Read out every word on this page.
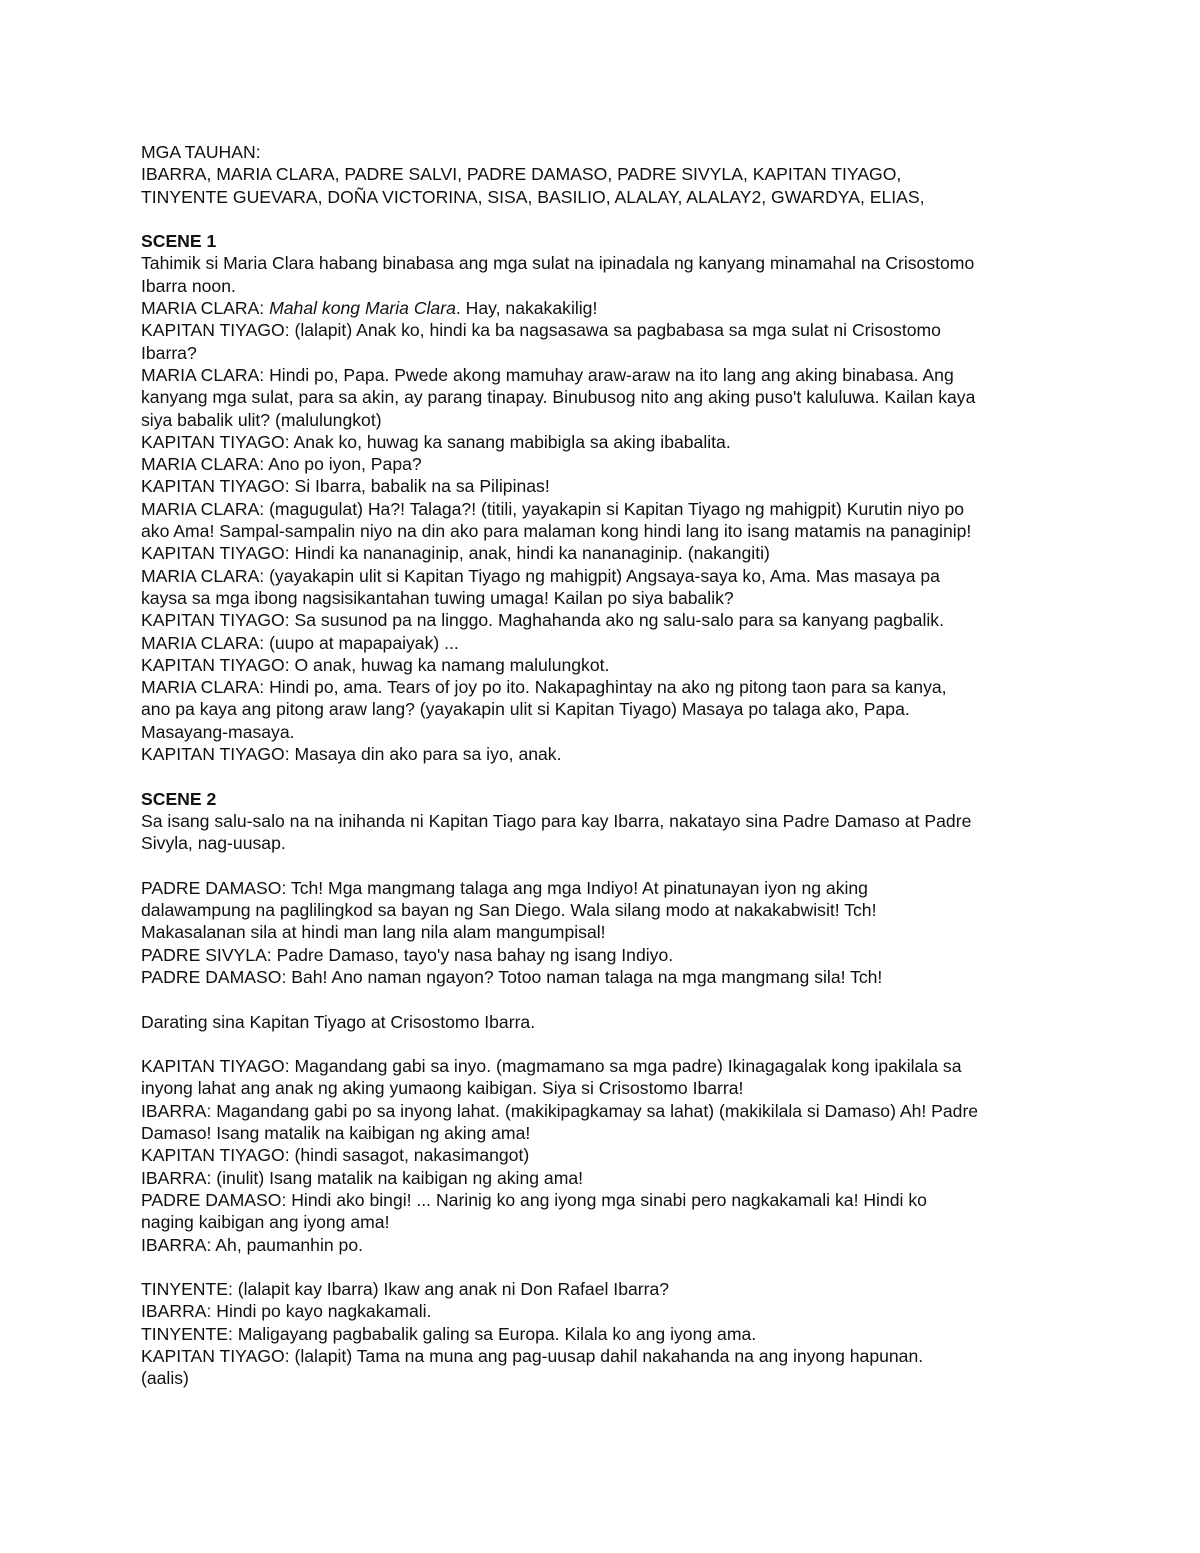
MGA TAUHAN:
IBARRA, MARIA CLARA, PADRE SALVI, PADRE DAMASO, PADRE SIVYLA, KAPITAN TIYAGO,
TINYENTE GUEVARA, DOÑA VICTORINA, SISA, BASILIO, ALALAY, ALALAY2, GWARDYA, ELIAS,
SCENE 1
Tahimik si Maria Clara habang binabasa ang mga sulat na ipinadala ng kanyang minamahal na Crisostomo
Ibarra noon.
MARIA CLARA: Mahal kong Maria Clara. Hay, nakakakilig!
KAPITAN TIYAGO: (lalapit) Anak ko, hindi ka ba nagsasawa sa pagbabasa sa mga sulat ni Crisostomo
Ibarra?
MARIA CLARA: Hindi po, Papa. Pwede akong mamuhay araw-araw na ito lang ang aking binabasa. Ang
kanyang mga sulat, para sa akin, ay parang tinapay. Binubusog nito ang aking puso't kaluluwa. Kailan kaya
siya babalik ulit? (malulungkot)
KAPITAN TIYAGO: Anak ko, huwag ka sanang mabibigla sa aking ibabalita.
MARIA CLARA: Ano po iyon, Papa?
KAPITAN TIYAGO: Si Ibarra, babalik na sa Pilipinas!
MARIA CLARA: (magugulat) Ha?! Talaga?! (titili, yayakapin si Kapitan Tiyago ng mahigpit) Kurutin niyo po
ako Ama! Sampal-sampalin niyo na din ako para malaman kong hindi lang ito isang matamis na panaginip!
KAPITAN TIYAGO: Hindi ka nananaginip, anak, hindi ka nananaginip. (nakangiti)
MARIA CLARA: (yayakapin ulit si Kapitan Tiyago ng mahigpit) Angsaya-saya ko, Ama. Mas masaya pa
kaysa sa mga ibong nagsisikantahan tuwing umaga! Kailan po siya babalik?
KAPITAN TIYAGO: Sa susunod pa na linggo. Maghahanda ako ng salu-salo para sa kanyang pagbalik.
MARIA CLARA: (uupo at mapapaiyak) ...
KAPITAN TIYAGO: O anak, huwag ka namang malulungkot.
MARIA CLARA: Hindi po, ama. Tears of joy po ito. Nakapaghintay na ako ng pitong taon para sa kanya,
ano pa kaya ang pitong araw lang? (yayakapin ulit si Kapitan Tiyago) Masaya po talaga ako, Papa.
Masayang-masaya.
KAPITAN TIYAGO: Masaya din ako para sa iyo, anak.
SCENE 2
Sa isang salu-salo na na inihanda ni Kapitan Tiago para kay Ibarra, nakatayo sina Padre Damaso at Padre
Sivyla, nag-uusap.
PADRE DAMASO: Tch! Mga mangmang talaga ang mga Indiyo! At pinatunayan iyon ng aking
dalawampung na paglilingkod sa bayan ng San Diego. Wala silang modo at nakakabwisit! Tch!
Makasalanan sila at hindi man lang nila alam mangumpisal!
PADRE SIVYLA: Padre Damaso, tayo'y nasa bahay ng isang Indiyo.
PADRE DAMASO: Bah! Ano naman ngayon? Totoo naman talaga na mga mangmang sila! Tch!
Darating sina Kapitan Tiyago at Crisostomo Ibarra.
KAPITAN TIYAGO: Magandang gabi sa inyo. (magmamano sa mga padre) Ikinagagalak kong ipakilala sa
inyong lahat ang anak ng aking yumaong kaibigan. Siya si Crisostomo Ibarra!
IBARRA: Magandang gabi po sa inyong lahat. (makikipagkamay sa lahat) (makikilala si Damaso) Ah! Padre
Damaso! Isang matalik na kaibigan ng aking ama!
KAPITAN TIYAGO: (hindi sasagot, nakasimangot)
IBARRA: (inulit) Isang matalik na kaibigan ng aking ama!
PADRE DAMASO: Hindi ako bingi! ... Narinig ko ang iyong mga sinabi pero nagkakamali ka! Hindi ko
naging kaibigan ang iyong ama!
IBARRA: Ah, paumanhin po.
TINYENTE: (lalapit kay Ibarra) Ikaw ang anak ni Don Rafael Ibarra?
IBARRA: Hindi po kayo nagkakamali.
TINYENTE: Maligayang pagbabalik galing sa Europa. Kilala ko ang iyong ama.
KAPITAN TIYAGO: (lalapit) Tama na muna ang pag-uusap dahil nakahanda na ang inyong hapunan.
(aalis)
